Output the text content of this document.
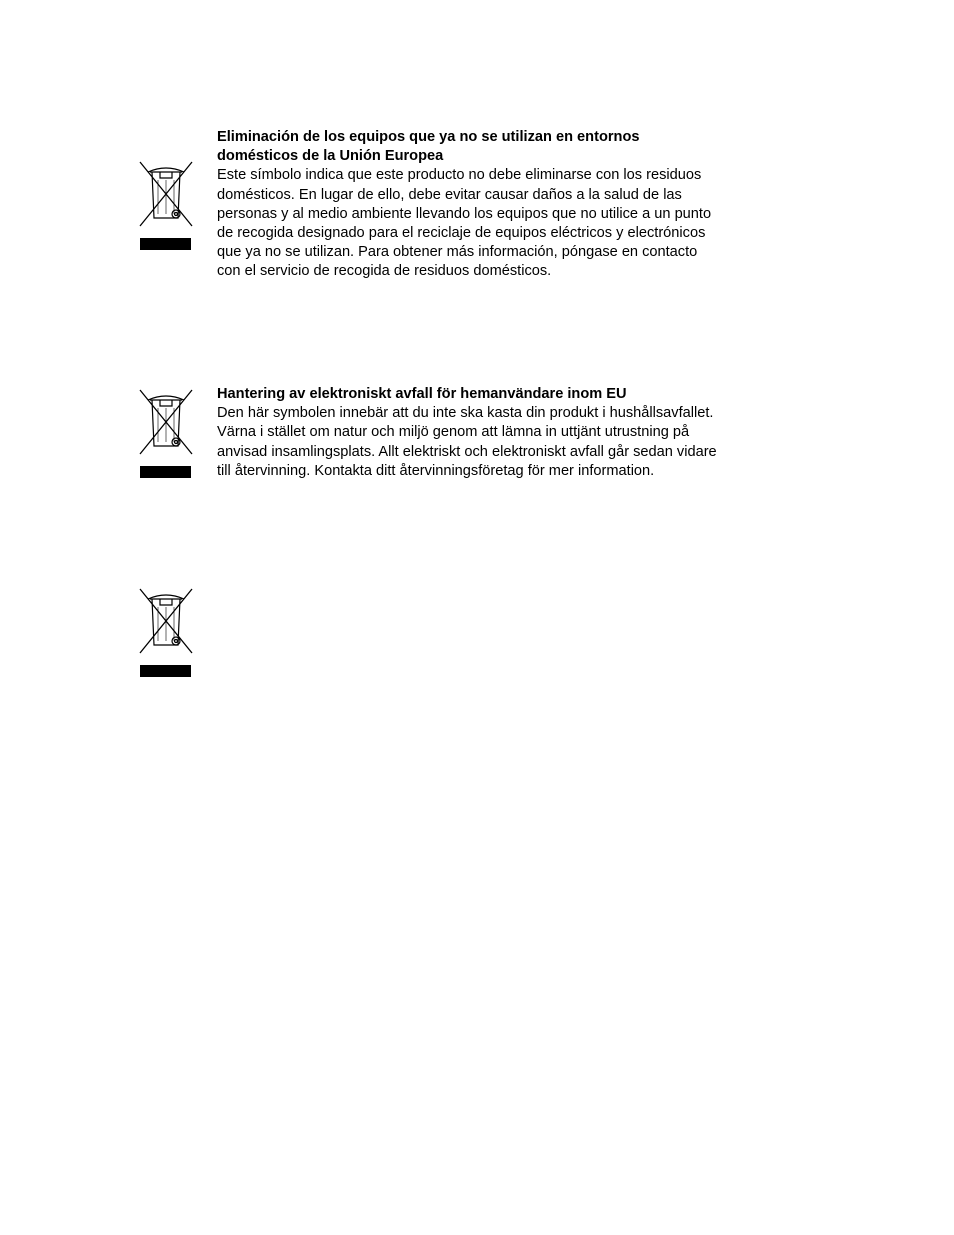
Eliminación de los equipos que ya no se utilizan en entornos
domésticos de la Unión Europea

Este símbolo indica que este producto no debe eliminarse con los residuos
domésticos. En lugar de ello, debe evitar causar daños a la salud de las
personas y al medio ambiente llevando los equipos que no utilice a un punto
de recogida designado para el reciclaje de equipos eléctricos y electrónicos
que ya no se utilizan. Para obtener más información, póngase en contacto
con el servicio de recogida de residuos domésticos.

Hantering av elektroniskt avfall för hemanvändare inom EU

Den här symbolen innebär att du inte ska kasta din produkt i hushållsavfallet.
Värna i stället om natur och miljö genom att lämna in uttjänt utrustning på
anvisad insamlingsplats. Allt elektriskt och elektroniskt avfall går sedan vidare
till återvinning. Kontakta ditt återvinningsföretag för mer information.
